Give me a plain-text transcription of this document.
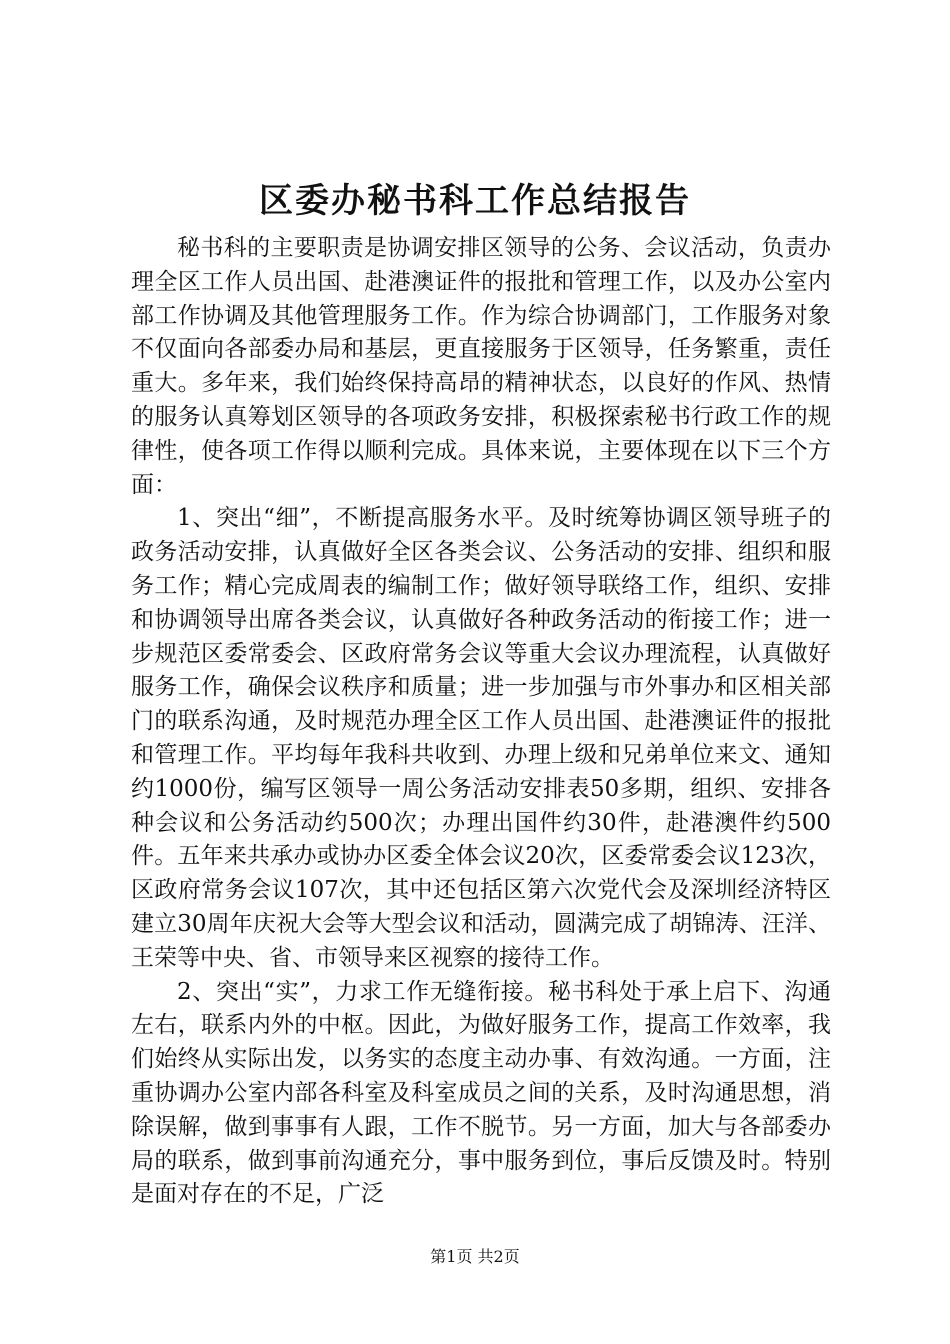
区委办秘书科工作总结报告

秘书科的主要职责是协调安排区领导的公务、会议活动，负责办理全区工作人员出国、赴港澳证件的报批和管理工作，以及办公室内部工作协调及其他管理服务工作。作为综合协调部门，工作服务对象不仅面向各部委办局和基层，更直接服务于区领导，任务繁重，责任重大。多年来，我们始终保持高昂的精神状态，以良好的作风、热情的服务认真筹划区领导的各项政务安排，积极探索秘书行政工作的规律性，使各项工作得以顺利完成。具体来说，主要体现在以下三个方面：

1、突出“细”，不断提高服务水平。及时统筹协调区领导班子的政务活动安排，认真做好全区各类会议、公务活动的安排、组织和服务工作；精心完成周表的编制工作；做好领导联络工作，组织、安排和协调领导出席各类会议，认真做好各种政务活动的衔接工作；进一步规范区委常委会、区政府常务会议等重大会议办理流程，认真做好服务工作，确保会议秩序和质量；进一步加强与市外事办和区相关部门的联系沟通，及时规范办理全区工作人员出国、赴港澳证件的报批和管理工作。平均每年我科共收到、办理上级和兄弟单位来文、通知约1000份，编写区领导一周公务活动安排表50多期，组织、安排各种会议和公务活动约500次；办理出国件约30件，赴港澳件约500件。五年来共承办或协办区委全体会议20次，区委常委会议123次，区政府常务会议107次，其中还包括区第六次党代会及深圳经济特区建立30周年庆祝大会等大型会议和活动，圆满完成了胡锦涛、汪洋、王荣等中央、省、市领导来区视察的接待工作。

2、突出“实”，力求工作无缝衔接。秘书科处于承上启下、沟通左右，联系内外的中枢。因此，为做好服务工作，提高工作效率，我们始终从实际出发，以务实的态度主动办事、有效沟通。一方面，注重协调办公室内部各科室及科室成员之间的关系，及时沟通思想，消除误解，做到事事有人跟，工作不脱节。另一方面，加大与各部委办局的联系，做到事前沟通充分，事中服务到位，事后反馈及时。特别是面对存在的不足，广泛

第1页 共2页
